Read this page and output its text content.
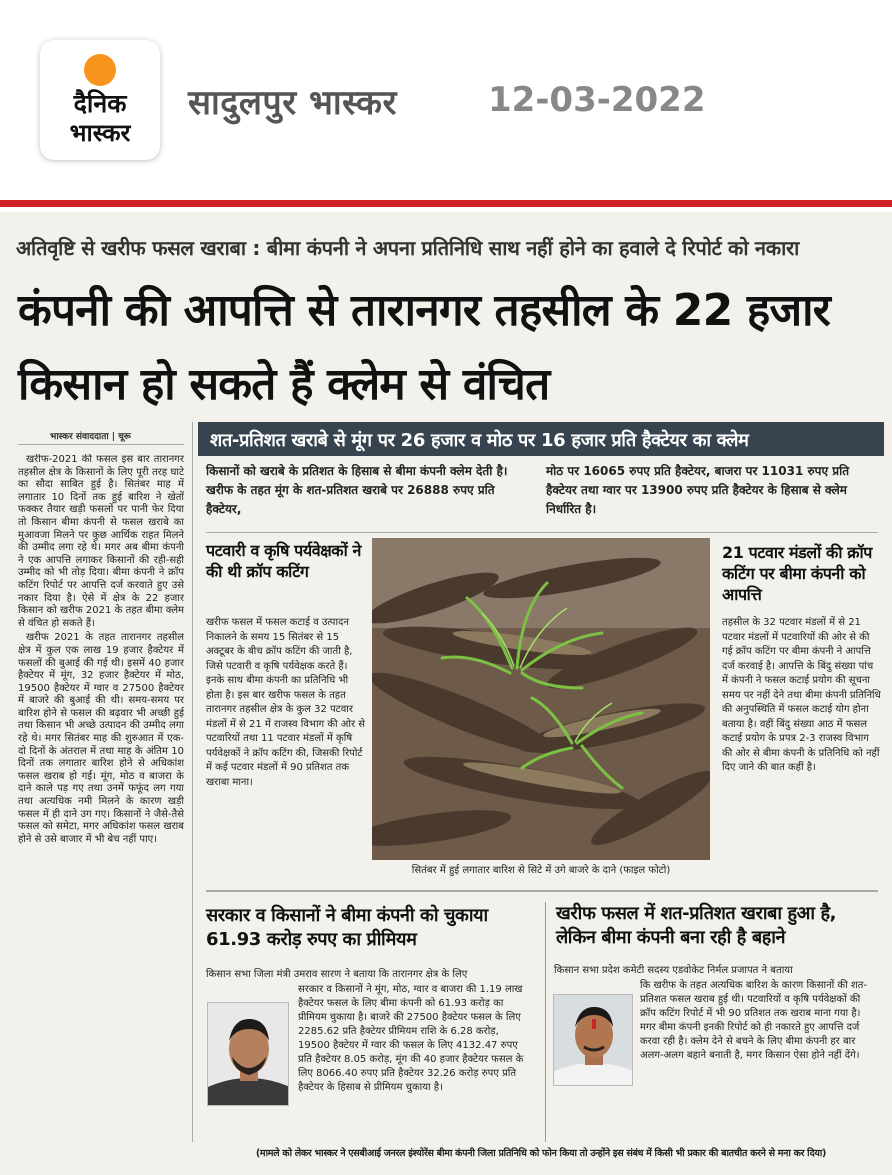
दैनिक
भास्कर
सादुलपुर भास्कर	12-03-2022
अतिवृष्टि से खरीफ फसल खराबा : बीमा कंपनी ने अपना प्रतिनिधि साथ नहीं होने का हवाले दे रिपोर्ट को नकारा
कंपनी की आपत्ति से तारानगर तहसील के 22 हजार किसान हो सकते हैं क्लेम से वंचित
भास्कर संवाददाता | चूरू

खरीफ-2021 की फसल इस बार तारानगर तहसील क्षेत्र के किसानों के लिए पूरी तरह घाटे का सौदा साबित हुई है। सितंबर माह में लगातार 10 दिनों तक हुई बारिश ने खेतों फक्कर तैयार खड़ी फसलों पर पानी फेर दिया तो किसान बीमा कंपनी से फसल खराबे का मुआवजा मिलने पर कुछ आर्थिक राहत मिलने की उम्मीद लगा रहे थे। मगर अब बीमा कंपनी ने एक आपत्ति लगाकर किसानों की रही-सही उम्मीद को भी तोड़ दिया। बीमा कंपनी ने क्रॉप कटिंग रिपोर्ट पर आपत्ति दर्ज करवाते हुए उसे नकार दिया है। ऐसे में क्षेत्र के 22 हजार किसान को खरीफ 2021 के तहत बीमा क्लेम से वंचित हो सकते हैं।

खरीफ 2021 के तहत तारानगर तहसील क्षेत्र में कुल एक लाख 19 हजार हैक्टेयर में फसलों की बुआई की गई थी। इसमें 40 हजार हैक्टेयर में मूंग, 32 हजार हैक्टेयर में मोठ, 19500 हैक्टेयर में ग्वार व 27500 हैक्टेयर में बाजरे की बुआई की थी। समय-समय पर बारिश होने से फसल की बढ़वार भी अच्छी हुई तथा किसान भी अच्छे उत्पादन की उम्मीद लगा रहे थे। मगर सितंबर माह की शुरुआत में एक-दो दिनों के अंतराल में तथा माह के अंतिम 10 दिनों तक लगातार बारिश होने से अधिकांश फसल खराब हो गई। मूंग, मोठ व बाजरा के दाने काले पड़ गए तथा उनमें फफूंद लग गया तथा अत्यधिक नमी मिलने के कारण खड़ी फसल में ही दाने उग गए। किसानों ने जैसे-तैसे फसल को समेटा, मगर अधिकांश फसल खराब होने से उसे बाजार में भी बेच नहीं पाए।

शत-प्रतिशत खराबे से मूंग पर 26 हजार व मोठ पर 16 हजार प्रति हैक्टेयर का क्लेम
किसानों को खराबे के प्रतिशत के हिसाब से बीमा कंपनी क्लेम देती है। खरीफ के तहत मूंग के शत-प्रतिशत खराबे पर 26888 रुपए प्रति हैक्टेयर,
मोठ पर 16065 रुपए प्रति हैक्टेयर, बाजरा पर 11031 रुपए प्रति हैक्टेयर तथा ग्वार पर 13900 रुपए प्रति हैक्टेयर के हिसाब से क्लेम निर्धारित है।
पटवारी व कृषि पर्यवेक्षकों ने की थी क्रॉप कटिंग
खरीफ फसल में फसल कटाई व उत्पादन निकालने के समय 15 सितंबर से 15 अक्टूबर के बीच क्रॉप कटिंग की जाती है, जिसे पटवारी व कृषि पर्यवेक्षक करते हैं। इनके साथ बीमा कंपनी का प्रतिनिधि भी होता है। इस बार खरीफ फसल के तहत तारानगर तहसील क्षेत्र के कुल 32 पटवार मंडलों में से 21 में राजस्व विभाग की ओर से पटवारियों तथा 11 पटवार मंडलों में कृषि पर्यवेक्षकों ने क्रॉप कटिंग की, जिसकी रिपोर्ट में कई पटवार मंडलों में 90 प्रतिशत तक खराबा माना।
सितंबर में हुई लगातार बारिश से सिटे में उगे बाजरे के दाने (फाइल फोटो)
21 पटवार मंडलों की क्रॉप कटिंग पर बीमा कंपनी को आपत्ति
तहसील के 32 पटवार मंडलों में से 21 पटवार मंडलों में पटवारियों की ओर से की गई क्रॉप कटिंग पर बीमा कंपनी ने आपत्ति दर्ज करवाई है। आपत्ति के बिंदु संख्या पांच में कंपनी ने फसल कटाई प्रयोग की सूचना समय पर नहीं देने तथा बीमा कंपनी प्रतिनिधि की अनुपस्थिति में फसल कटाई योग होना बताया है। वहीं बिंदु संख्या आठ में फसल कटाई प्रयोग के प्रपत्र 2-3 राजस्व विभाग की ओर से बीमा कंपनी के प्रतिनिधि को नहीं दिए जाने की बात कहीं है।
सरकार व किसानों ने बीमा कंपनी को चुकाया 61.93 करोड़ रुपए का प्रीमियम
किसान सभा जिला मंत्री उमराव सारण ने बताया कि तारानगर क्षेत्र के लिए
सरकार व किसानों ने मूंग, मोठ, ग्वार व बाजरा की 1.19 लाख हैक्टेयर फसल के लिए बीमा कंपनी को 61.93 करोड़ का प्रीमियम चुकाया है। बाजरे की 27500 हैक्टेयर फसल के लिए 2285.62 प्रति हैक्टेयर प्रीमियम राशि के 6.28 करोड़, 19500 हैक्टेयर में ग्वार की फसल के लिए 4132.47 रुपए प्रति हैक्टेयर 8.05 करोड़, मूंग की 40 हजार हैक्टेयर फसल के लिए 8066.40 रुपए प्रति हैक्टेयर 32.26 करोड़ रुपए प्रति हैक्टेयर के हिसाब से प्रीमियम चुकाया है।
खरीफ फसल में शत-प्रतिशत खराबा हुआ है, लेकिन बीमा कंपनी बना रही है बहाने
किसान सभा प्रदेश कमेटी सदस्य एडवोकेट निर्मल प्रजापत ने बताया
कि खरीफ के तहत अत्यधिक बारिश के कारण किसानों की शत-प्रतिशत फसल खराब हुई थी। पटवारियों व कृषि पर्यवेक्षकों की क्रॉप कटिंग रिपोर्ट में भी 90 प्रतिशत तक खराब माना गया है। मगर बीमा कंपनी इनकी रिपोर्ट को ही नकारते हुए आपत्ति दर्ज करवा रही है। क्लेम देने से बचने के लिए बीमा कंपनी हर बार अलग-अलग बहाने बनाती है, मगर किसान ऐसा होने नहीं देंगे।
(मामले को लेकर भास्कर ने एसबीआई जनरल इंश्योरेंस बीमा कंपनी जिला प्रतिनिधि को फोन किया तो उन्होंने इस संबंध में किसी भी प्रकार की बातचीत करने से मना कर दिया)
